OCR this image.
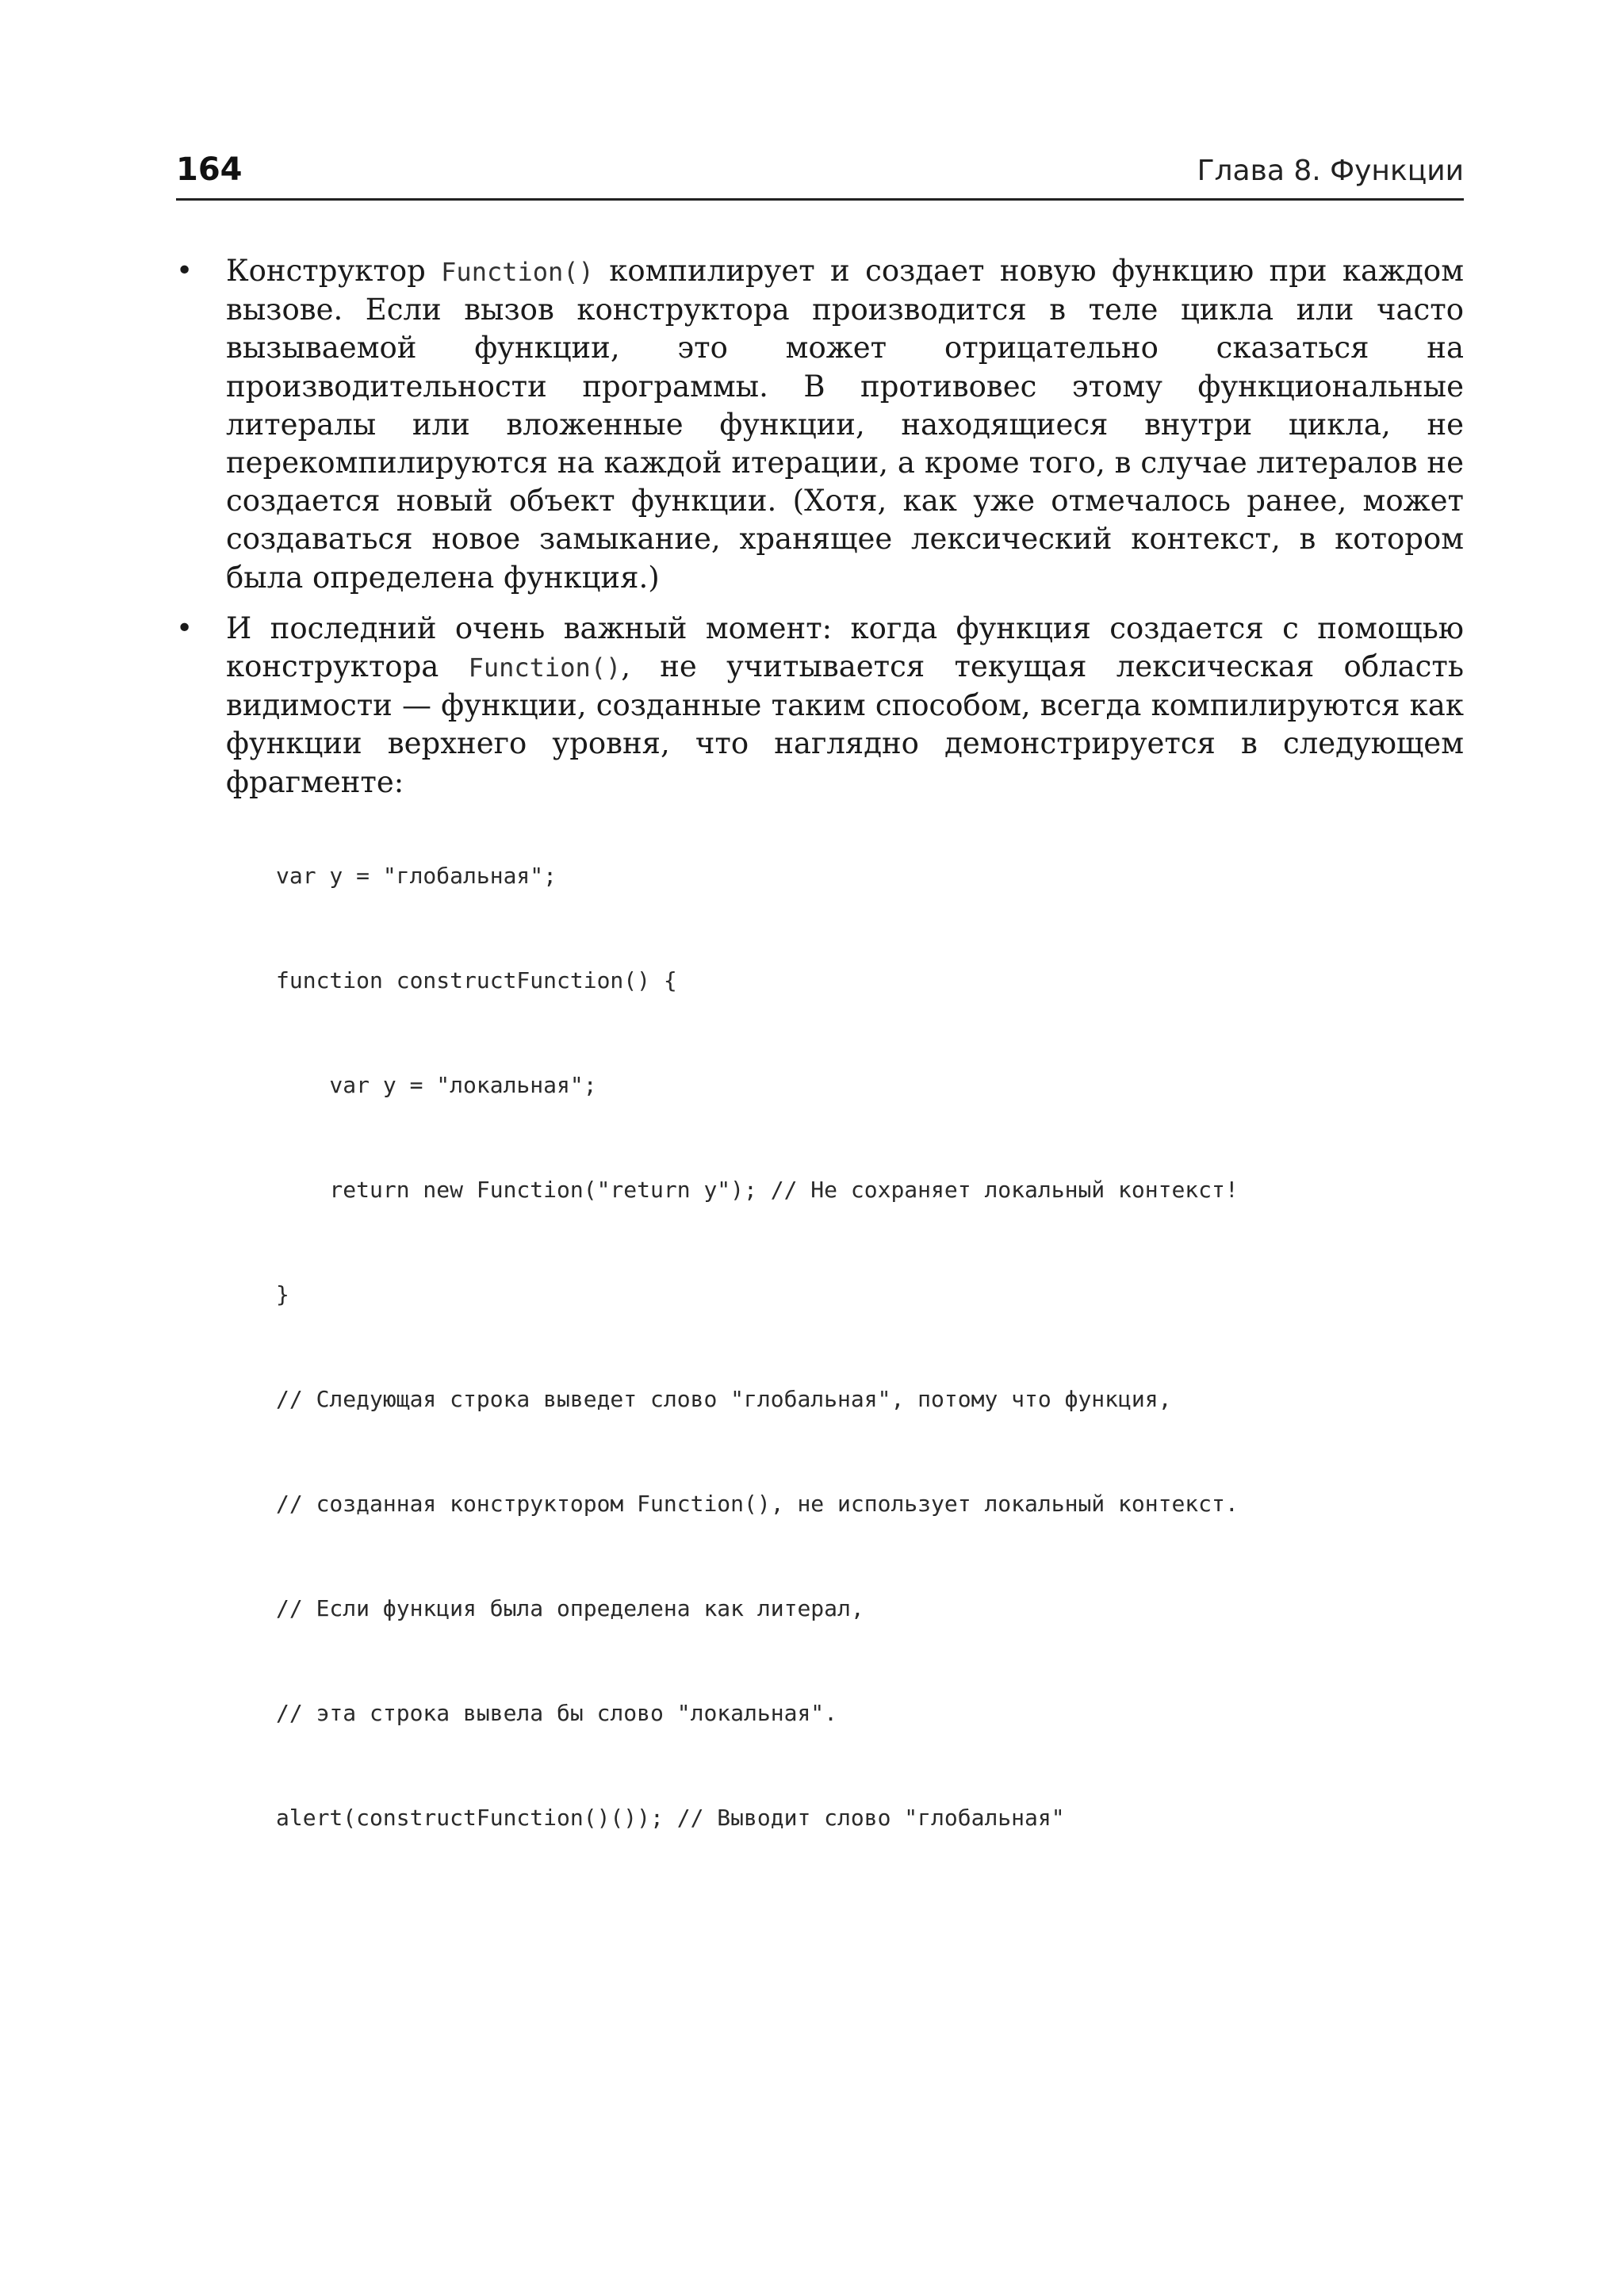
164	Глава 8. Функции
• Конструктор Function() компилирует и создает новую функцию при каждом вызове. Если вызов конструктора производится в теле цикла или часто вызываемой функции, это может отрицательно сказаться на производительности программы. В противовес этому функциональные литералы или вложенные функции, находящиеся внутри цикла, не перекомпилируются на каждой итерации, а кроме того, в случае литералов не создается новый объект функции. (Хотя, как уже отмечалось ранее, может создаваться новое замыкание, хранящее лексический контекст, в котором была определена функция.)
• И последний очень важный момент: когда функция создается с помощью конструктора Function(), не учитывается текущая лексическая область видимости — функции, созданные таким способом, всегда компилируются как функции верхнего уровня, что наглядно демонстрируется в следующем фрагменте:

var y = "глобальная";

function constructFunction() {

var y = "локальная";

return new Function("return y"); // Не сохраняет локальный контекст!

}

// Следующая строка выведет слово "глобальная", потому что функция,

// созданная конструктором Function(), не использует локальный контекст.

// Если функция была определена как литерал,

// эта строка вывела бы слово "локальная".

alert(constructFunction()()); // Выводит слово "глобальная"
